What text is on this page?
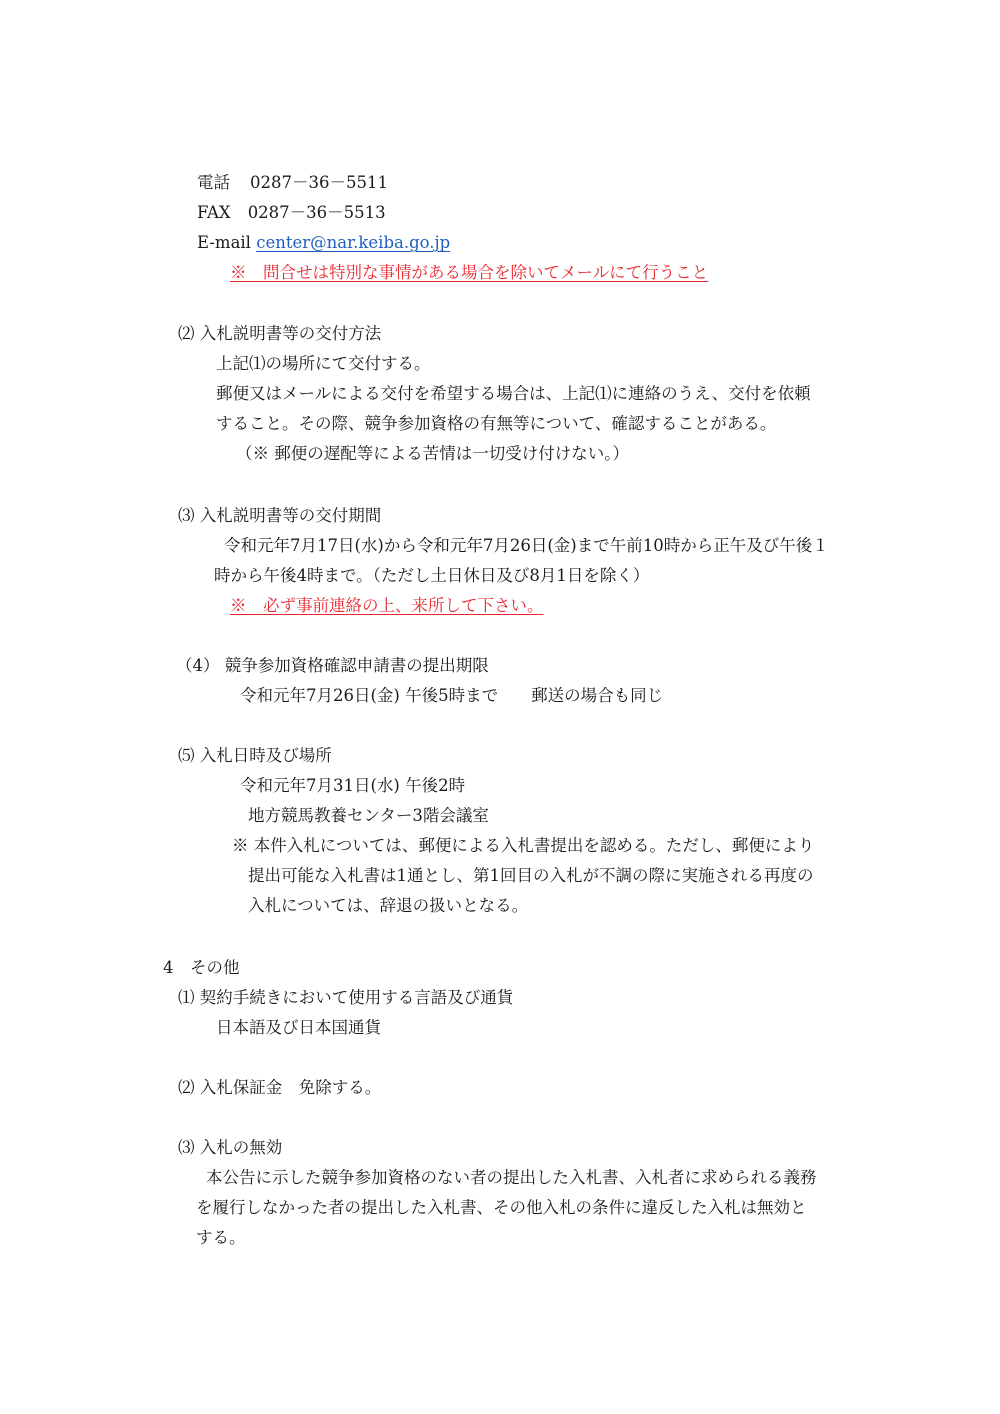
電話 0287－36－5511
FAX 0287－36－5513
E-mail center@nar.keiba.go.jp
※　問合せは特別な事情がある場合を除いてメールにて行うこと
⑵ 入札説明書等の交付方法
上記⑴の場所にて交付する。
郵便又はメールによる交付を希望する場合は、上記⑴に連絡のうえ、交付を依頼
すること。その際、競争参加資格の有無等について、確認することがある。
（※ 郵便の遅配等による苦情は一切受け付けない。）
⑶ 入札説明書等の交付期間
令和元年7月17日(水)から令和元年7月26日(金)まで午前10時から正午及び午後１
時から午後4時まで。（ただし土日休日及び8月1日を除く）
※　必ず事前連絡の上、来所して下さい。
（4） 競争参加資格確認申請書の提出期限
令和元年7月26日(金) 午後5時まで　　郵送の場合も同じ
⑸ 入札日時及び場所
令和元年7月31日(水) 午後2時
地方競馬教養センター3階会議室
※ 本件入札については、郵便による入札書提出を認める。ただし、郵便により
提出可能な入札書は1通とし、第1回目の入札が不調の際に実施される再度の
入札については、辞退の扱いとなる。
4　その他
⑴ 契約手続きにおいて使用する言語及び通貨
日本語及び日本国通貨
⑵ 入札保証金　免除する。
⑶ 入札の無効
本公告に示した競争参加資格のない者の提出した入札書、入札者に求められる義務
を履行しなかった者の提出した入札書、その他入札の条件に違反した入札は無効と
する。
